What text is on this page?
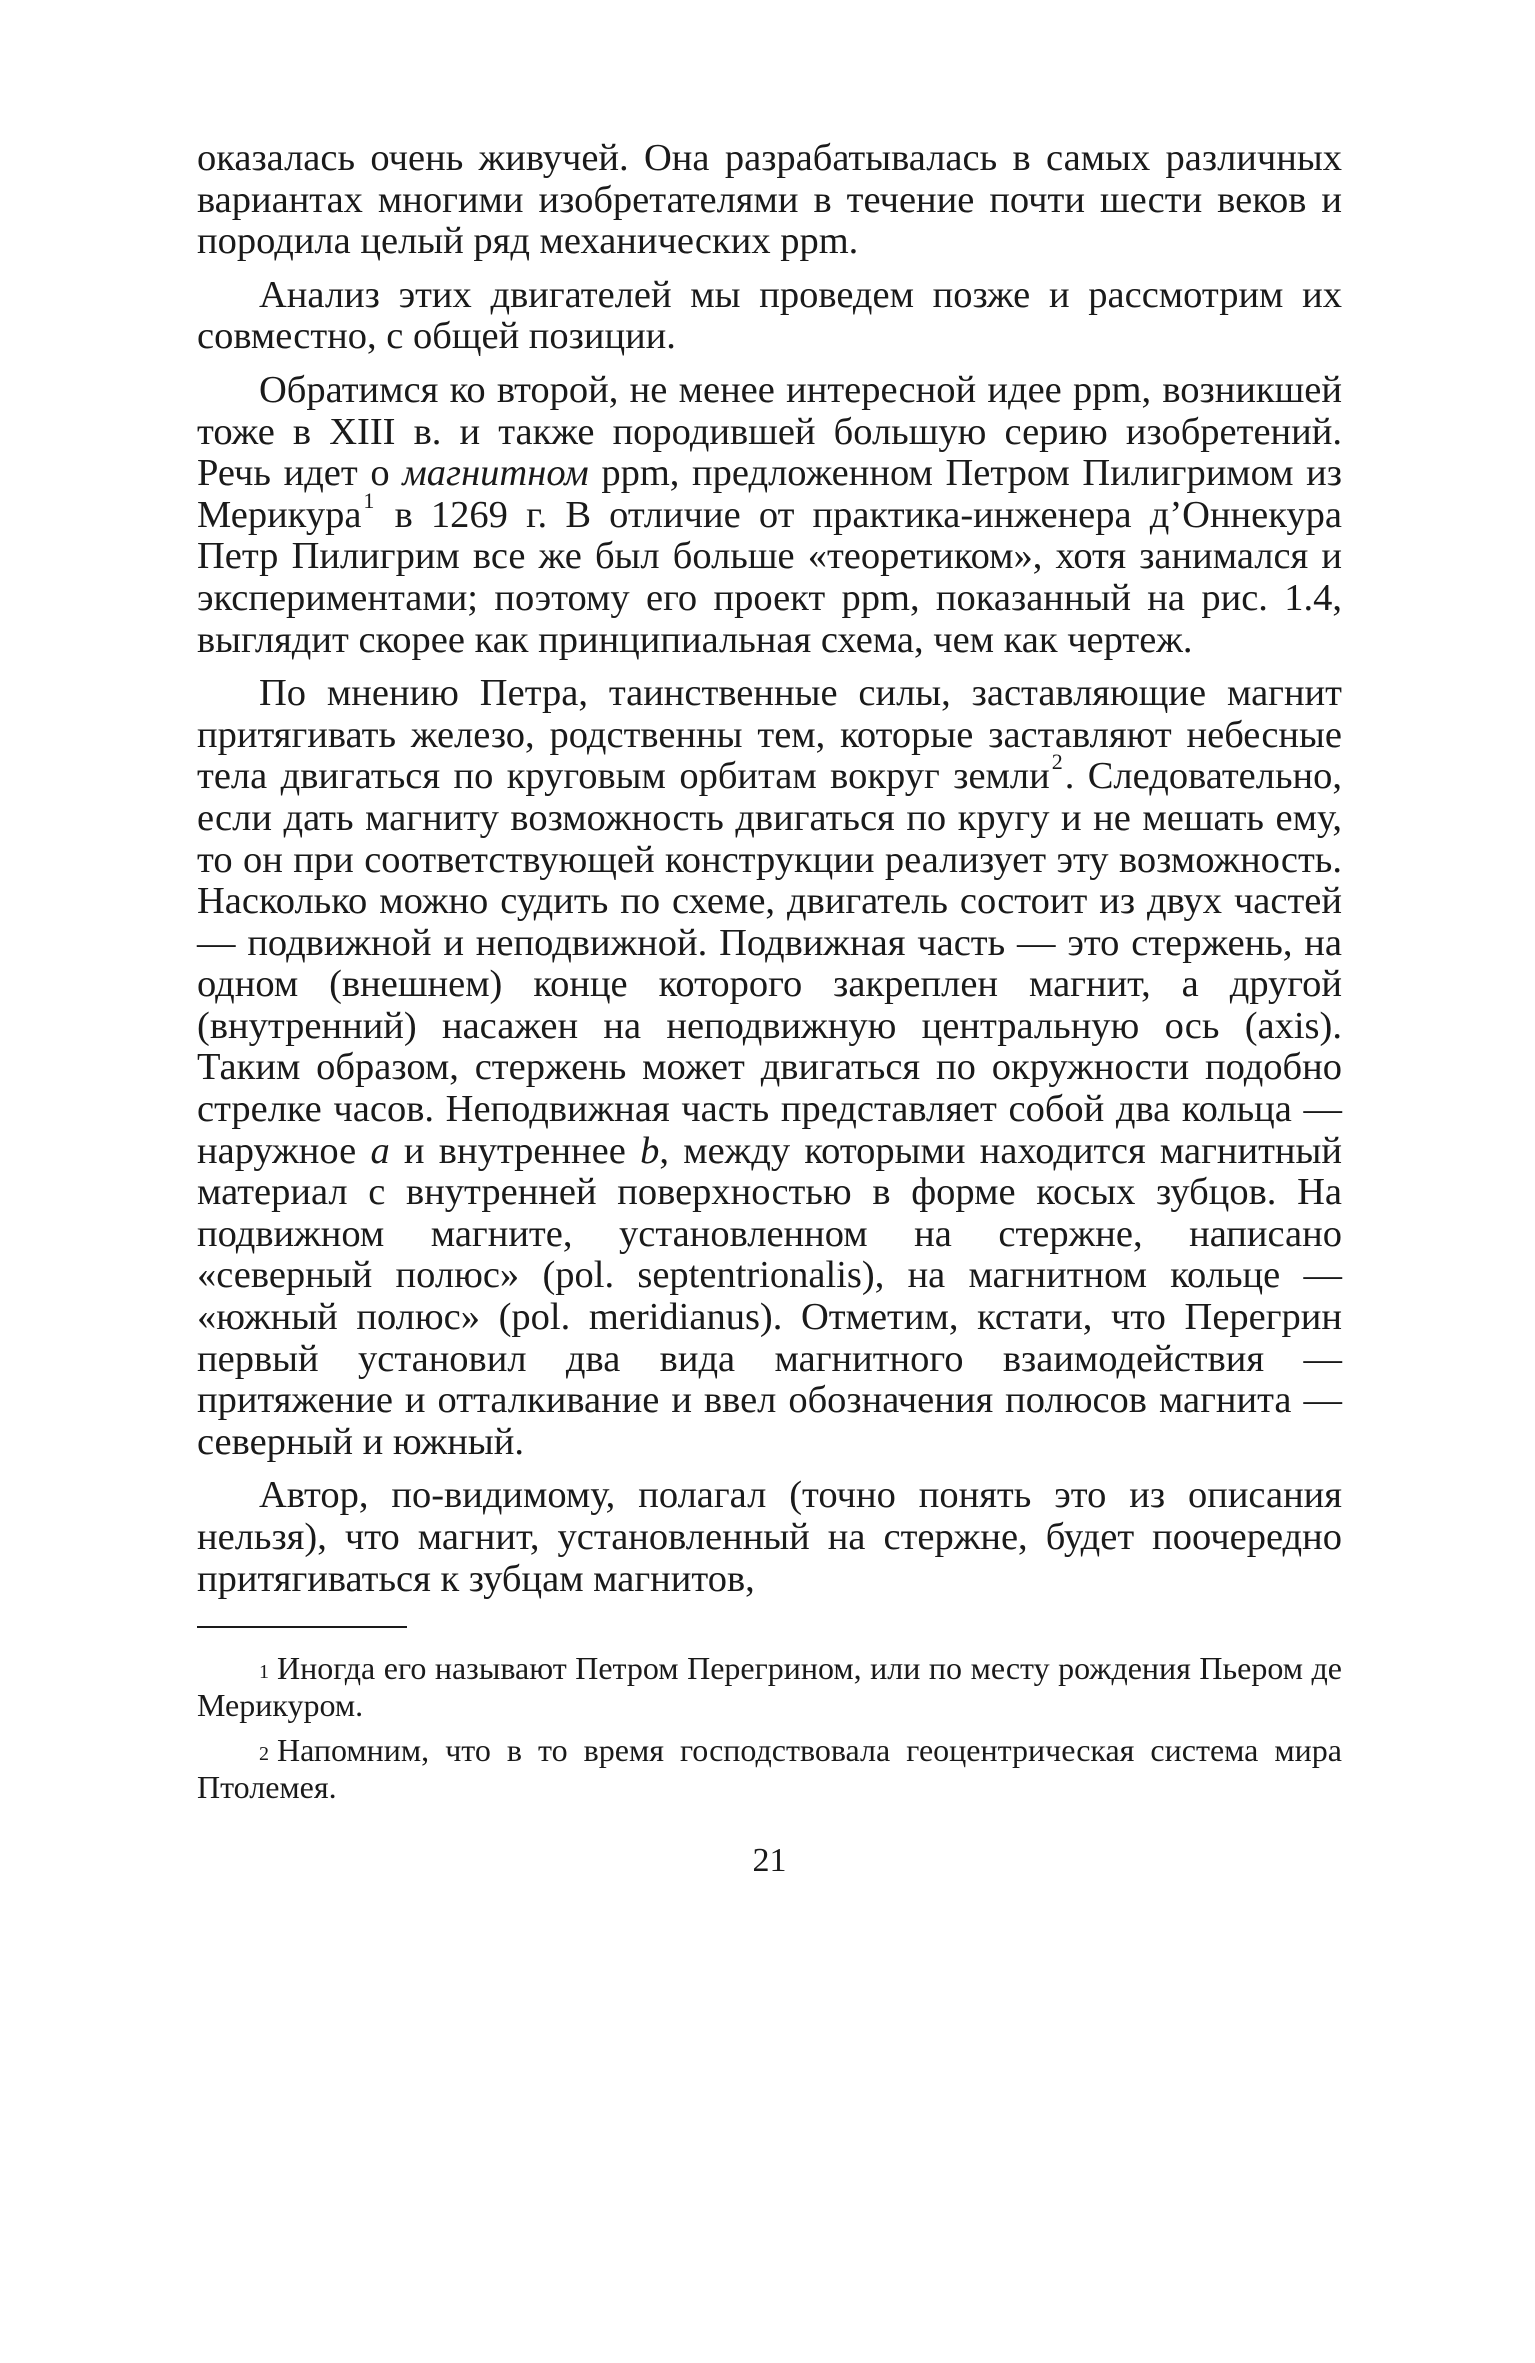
оказалась очень живучей. Она разрабатывалась в самых различных вариантах многими изобретателями в течение почти шести веков и породила целый ряд механических ppm.

Анализ этих двигателей мы проведем позже и рассмотрим их совместно, с общей позиции.

Обратимся ко второй, не менее интересной идее ppm, возникшей тоже в XIII в. и также породившей большую серию изобретений. Речь идет о магнитном ppm, предложенном Петром Пилигримом из Мерикура$^1$ в 1269 г. В отличие от практика-инженера д’Оннекура Петр Пилигрим все же был больше «теоретиком», хотя занимался и экспериментами; поэтому его проект ppm, показанный на рис. 1.4, выглядит скорее как принципиальная схема, чем как чертеж.

По мнению Петра, таинственные силы, заставляющие магнит притягивать железо, родственны тем, которые заставляют небесные тела двигаться по круговым орбитам вокруг земли$^2$. Следовательно, если дать магниту возможность двигаться по кругу и не мешать ему, то он при соответствующей конструкции реализует эту возможность. Насколько можно судить по схеме, двигатель состоит из двух частей — подвижной и неподвижной. Подвижная часть — это стержень, на одном (внешнем) конце которого закреплен магнит, а другой (внутренний) насажен на неподвижную центральную ось (axis). Таким образом, стержень может двигаться по окружности подобно стрелке часов. Неподвижная часть представляет собой два кольца — наружное a и внутреннее b, между которыми находится магнитный материал с внутренней поверхностью в форме косых зубцов. На подвижном магните, установленном на стержне, написано «северный полюс» (pol. septentrionalis), на магнитном кольце — «южный полюс» (pol. meridianus). Отметим, кстати, что Перегрин первый установил два вида магнитного взаимодействия — притяжение и отталкивание и ввел обозначения полюсов магнита — северный и южный.

Автор, по-видимому, полагал (точно понять это из описания нельзя), что магнит, установленный на стержне, будет поочередно притягиваться к зубцам магнитов,

$^1$ Иногда его называют Петром Перегрином, или по месту рождения Пьером де Мерикуром.

$^2$ Напомним, что в то время господствовала геоцентрическая система мира Птолемея.

21
